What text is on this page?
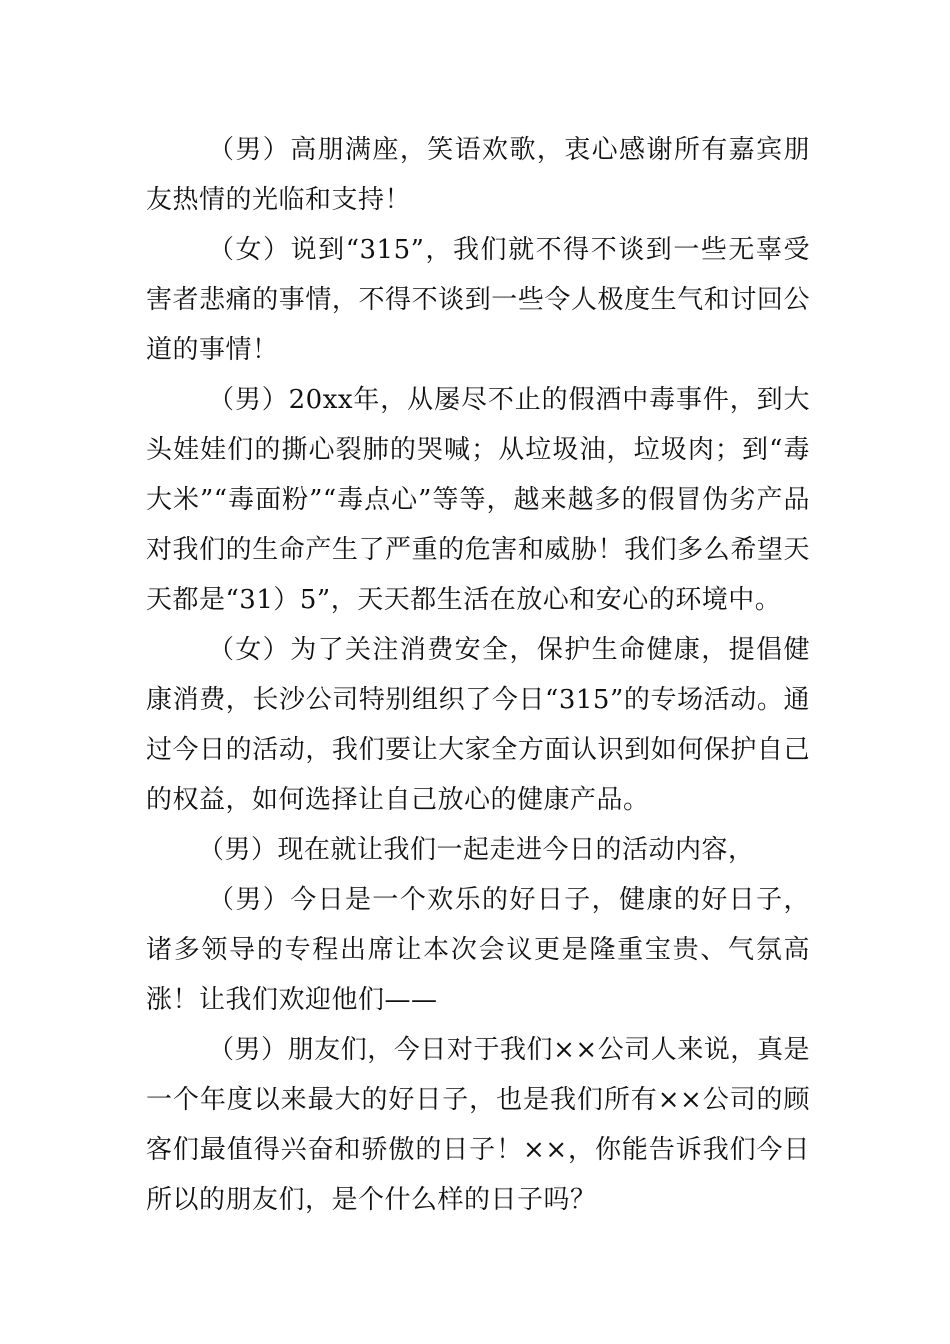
（男）高朋满座，笑语欢歌，衷心感谢所有嘉宾朋友热情的光临和支持！

（女）说到“315”，我们就不得不谈到一些无辜受害者悲痛的事情，不得不谈到一些令人极度生气和讨回公道的事情！

（男）20xx年，从屡尽不止的假酒中毒事件，到大头娃娃们的撕心裂肺的哭喊；从垃圾油，垃圾肉；到“毒大米”“毒面粉”“毒点心”等等，越来越多的假冒伪劣产品对我们的生命产生了严重的危害和威胁！我们多么希望天天都是“31）5”，天天都生活在放心和安心的环境中。

（女）为了关注消费安全，保护生命健康，提倡健康消费，长沙公司特别组织了今日“315”的专场活动。通过今日的活动，我们要让大家全方面认识到如何保护自己的权益，如何选择让自己放心的健康产品。

（男）现在就让我们一起走进今日的活动内容，

（男）今日是一个欢乐的好日子，健康的好日子，诸多领导的专程出席让本次会议更是隆重宝贵、气氛高涨！让我们欢迎他们——

（男）朋友们，今日对于我们××公司人来说，真是一个年度以来最大的好日子，也是我们所有××公司的顾客们最值得兴奋和骄傲的日子！××，你能告诉我们今日所以的朋友们，是个什么样的日子吗？
